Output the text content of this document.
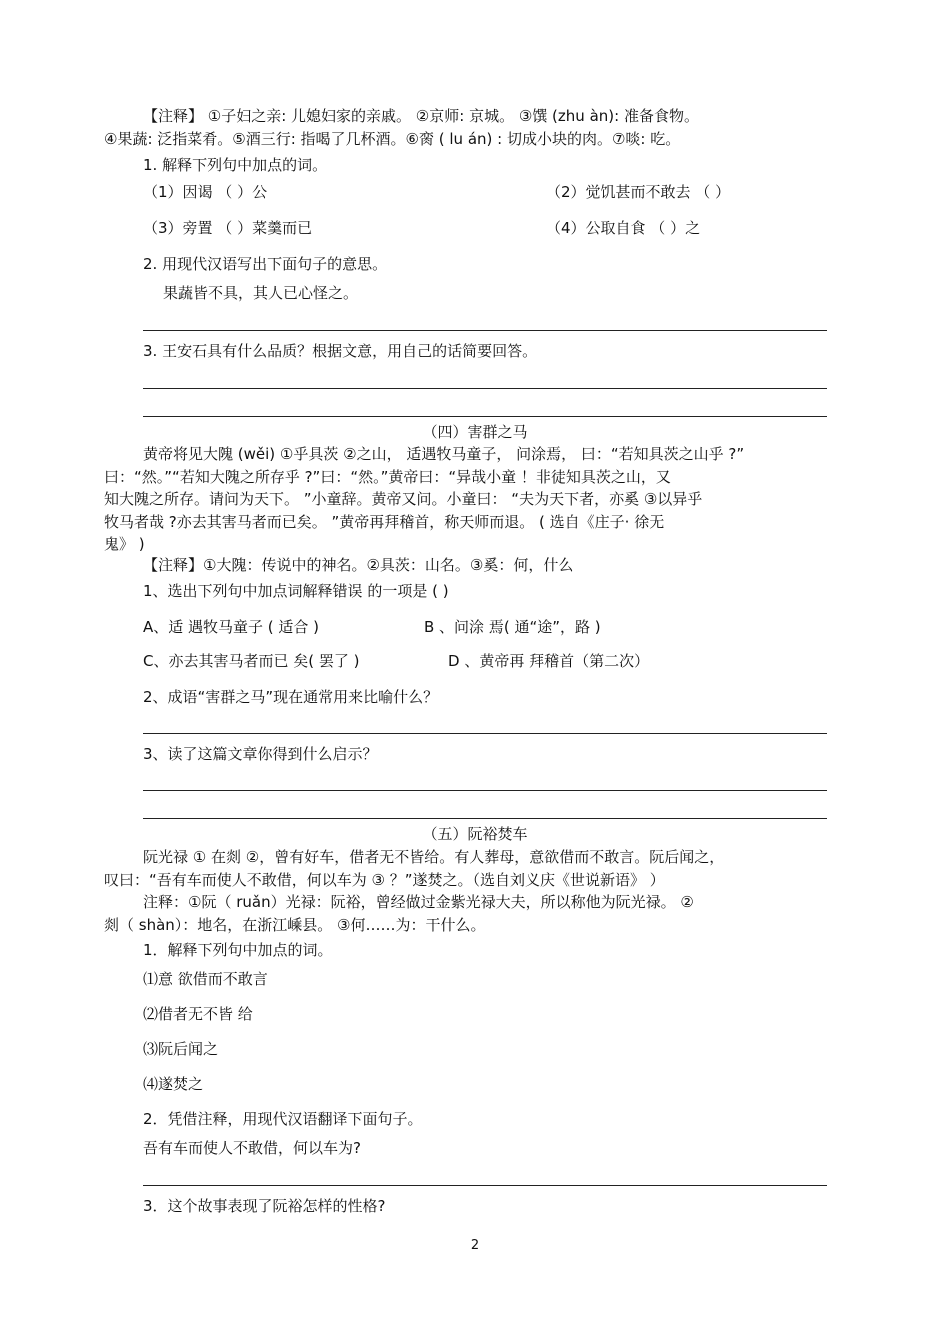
【注释】 ①子妇之亲: 儿媳妇家的亲戚。 ②京师: 京城。 ③馔 (zhu àn): 准备食物。
④果蔬: 泛指菜肴。⑤酒三行: 指喝了几杯酒。⑥脔 ( lu án) : 切成小块的肉。⑦啖: 吃。
1. 解释下列句中加点的词。
（1）因谒 （ ）公	（2）觉饥甚而不敢去 （ ）
（3）旁置 （ ）菜羹而已	（4）公取自食 （ ）之
2. 用现代汉语写出下面句子的意思。
果蔬皆不具，其人已心怪之。
3. 王安石具有什么品质？根据文意，用自己的话简要回答。
（四）害群之马
黄帝将见大隗 (wěi) ①乎具茨 ②之山， 适遇牧马童子， 问涂焉， 曰：“若知具茨之山乎 ?”
曰：“然。”“若知大隗之所存乎 ?”曰：“然。”黄帝曰：“异哉小童 ！非徒知具茨之山，又
知大隗之所存。请问为天下。 ”小童辞。黄帝又问。小童曰： “夫为天下者，亦奚 ③以异乎
牧马者哉 ?亦去其害马者而已矣。 ”黄帝再拜稽首，称天师而退。 ( 选自《庄子· 徐无
鬼》 )
【注释】①大隗：传说中的神名。②具茨：山名。③奚：何，什么
1、选出下列句中加点词解释错误 的一项是 ( )
A、适 遇牧马童子 ( 适合 )	B 、问涂 焉( 通“途”，路 )
C、亦去其害马者而已 矣( 罢了 )	D 、黄帝再 拜稽首（第二次）
2、成语“害群之马”现在通常用来比喻什么？
3、读了这篇文章你得到什么启示？
（五）阮裕焚车
阮光禄 ① 在剡 ②，曾有好车，借者无不皆给。有人葬母，意欲借而不敢言。阮后闻之，
叹曰：“吾有车而使人不敢借，何以车为 ③ ？”遂焚之。（选自刘义庆《世说新语》 ）
注释：①阮（ ruǎn）光禄：阮裕，曾经做过金紫光禄大夫，所以称他为阮光禄。 ②
剡（ shàn）：地名，在浙江嵊县。 ③何……为：干什么。
1．解释下列句中加点的词。
⑴意 欲借而不敢言
⑵借者无不皆 给
⑶阮后闻之
⑷遂焚之
2．凭借注释，用现代汉语翻译下面句子。
吾有车而使人不敢借，何以车为?
3．这个故事表现了阮裕怎样的性格?
2
